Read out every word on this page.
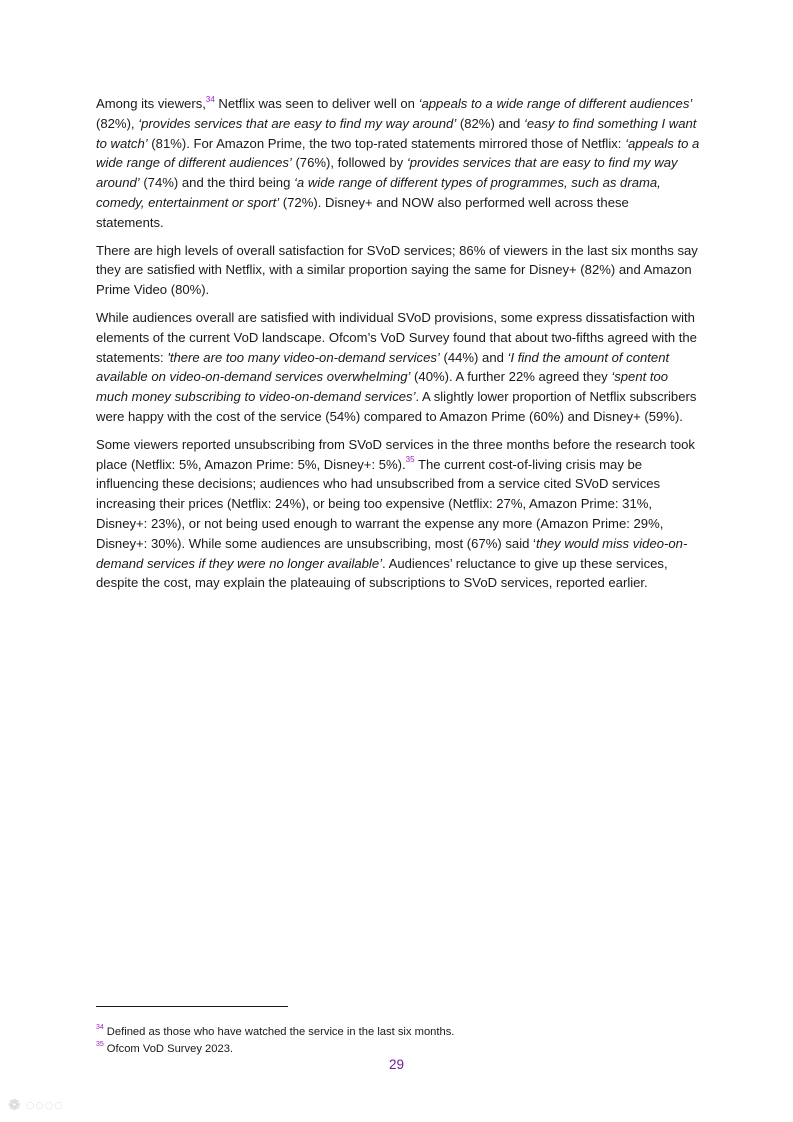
Among its viewers,$^{34}$ Netflix was seen to deliver well on ‘appeals to a wide range of different audiences’ (82%), ‘provides services that are easy to find my way around’ (82%) and ‘easy to find something I want to watch’ (81%). For Amazon Prime, the two top-rated statements mirrored those of Netflix: ‘appeals to a wide range of different audiences’ (76%), followed by ‘provides services that are easy to find my way around’ (74%) and the third being ‘a wide range of different types of programmes, such as drama, comedy, entertainment or sport’ (72%). Disney+ and NOW also performed well across these statements.

There are high levels of overall satisfaction for SVoD services; 86% of viewers in the last six months say they are satisfied with Netflix, with a similar proportion saying the same for Disney+ (82%) and Amazon Prime Video (80%).

While audiences overall are satisfied with individual SVoD provisions, some express dissatisfaction with elements of the current VoD landscape. Ofcom’s VoD Survey found that about two-fifths agreed with the statements: 'there are too many video-on-demand services’ (44%) and ‘I find the amount of content available on video-on-demand services overwhelming’ (40%). A further 22% agreed they ‘spent too much money subscribing to video-on-demand services’. A slightly lower proportion of Netflix subscribers were happy with the cost of the service (54%) compared to Amazon Prime (60%) and Disney+ (59%).

Some viewers reported unsubscribing from SVoD services in the three months before the research took place (Netflix: 5%, Amazon Prime: 5%, Disney+: 5%).$^{35}$ The current cost-of-living crisis may be influencing these decisions; audiences who had unsubscribed from a service cited SVoD services increasing their prices (Netflix: 24%), or being too expensive (Netflix: 27%, Amazon Prime: 31%, Disney+: 23%), or not being used enough to warrant the expense any more (Amazon Prime: 29%, Disney+: 30%). While some audiences are unsubscribing, most (67%) said ‘they would miss video-on-demand services if they were no longer available’. Audiences’ reluctance to give up these services, despite the cost, may explain the plateauing of subscriptions to SVoD services, reported earlier.

$^{34}$ Defined as those who have watched the service in the last six months.
$^{35}$ Ofcom VoD Survey 2023.
29
❁ ◌◌◌◌
